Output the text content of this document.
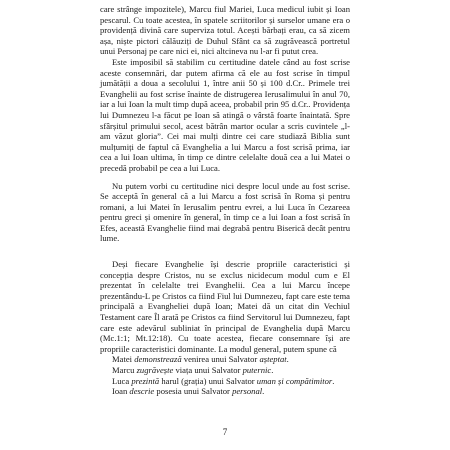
care strânge impozitele), Marcu fiul Mariei, Luca medicul iubit și Ioan pescarul. Cu toate acestea, în spatele scriitorilor și surselor umane era o providență divină care superviza totul. Acești bărbați erau, ca să zicem așa, niște pictori călăuziți de Duhul Sfânt ca să zugrăvească portretul unui Personaj pe care nici ei, nici altcineva nu l-ar fi putut crea.

Este imposibil să stabilim cu certitudine datele când au fost scrise aceste consemnări, dar putem afirma că ele au fost scrise în timpul jumătății a doua a secolului 1, între anii 50 și 100 d.Cr.. Primele trei Evanghelii au fost scrise înainte de distrugerea Ierusalimului în anul 70, iar a lui Ioan la mult timp după aceea, probabil prin 95 d.Cr.. Providența lui Dumnezeu l-a făcut pe Ioan să atingă o vârstă foarte înaintată. Spre sfârșitul primului secol, acest bătrân martor ocular a scris cuvintele „l-am văzut gloria”. Cei mai mulți dintre cei care studiază Biblia sunt mulțumiți de faptul că Evanghelia a lui Marcu a fost scrisă prima, iar cea a lui Ioan ultima, în timp ce dintre celelalte două cea a lui Matei o precedă probabil pe cea a lui Luca.

Nu putem vorbi cu certitudine nici despre locul unde au fost scrise. Se acceptă în general că a lui Marcu a fost scrisă în Roma și pentru romani, a lui Matei în Ierusalim pentru evrei, a lui Luca în Cezareea pentru greci și omenire în general, în timp ce a lui Ioan a fost scrisă în Efes, această Evanghelie fiind mai degrabă pentru Biserică decât pentru lume.

Deși fiecare Evanghelie își descrie propriile caracteristici și concepția despre Cristos, nu se exclus nicidecum modul cum e El prezentat în celelalte trei Evanghelii. Cea a lui Marcu începe prezentându-L pe Cristos ca fiind Fiul lui Dumnezeu, fapt care este tema principală a Evangheliei după Ioan; Matei dă un citat din Vechiul Testament care Îl arată pe Cristos ca fiind Servitorul lui Dumnezeu, fapt care este adevărul subliniat în principal de Evanghelia după Marcu (Mc.1:1; Mt.12:18). Cu toate acestea, fiecare consemnare își are propriile caracteristici dominante. La modul general, putem spune că

Matei demonstrează venirea unui Salvator așteptat.
Marcu zugrăvește viața unui Salvator puternic.
Luca prezintă harul (grația) unui Salvator uman și compătimitor.
Ioan descrie posesia unui Salvator personal.
7
